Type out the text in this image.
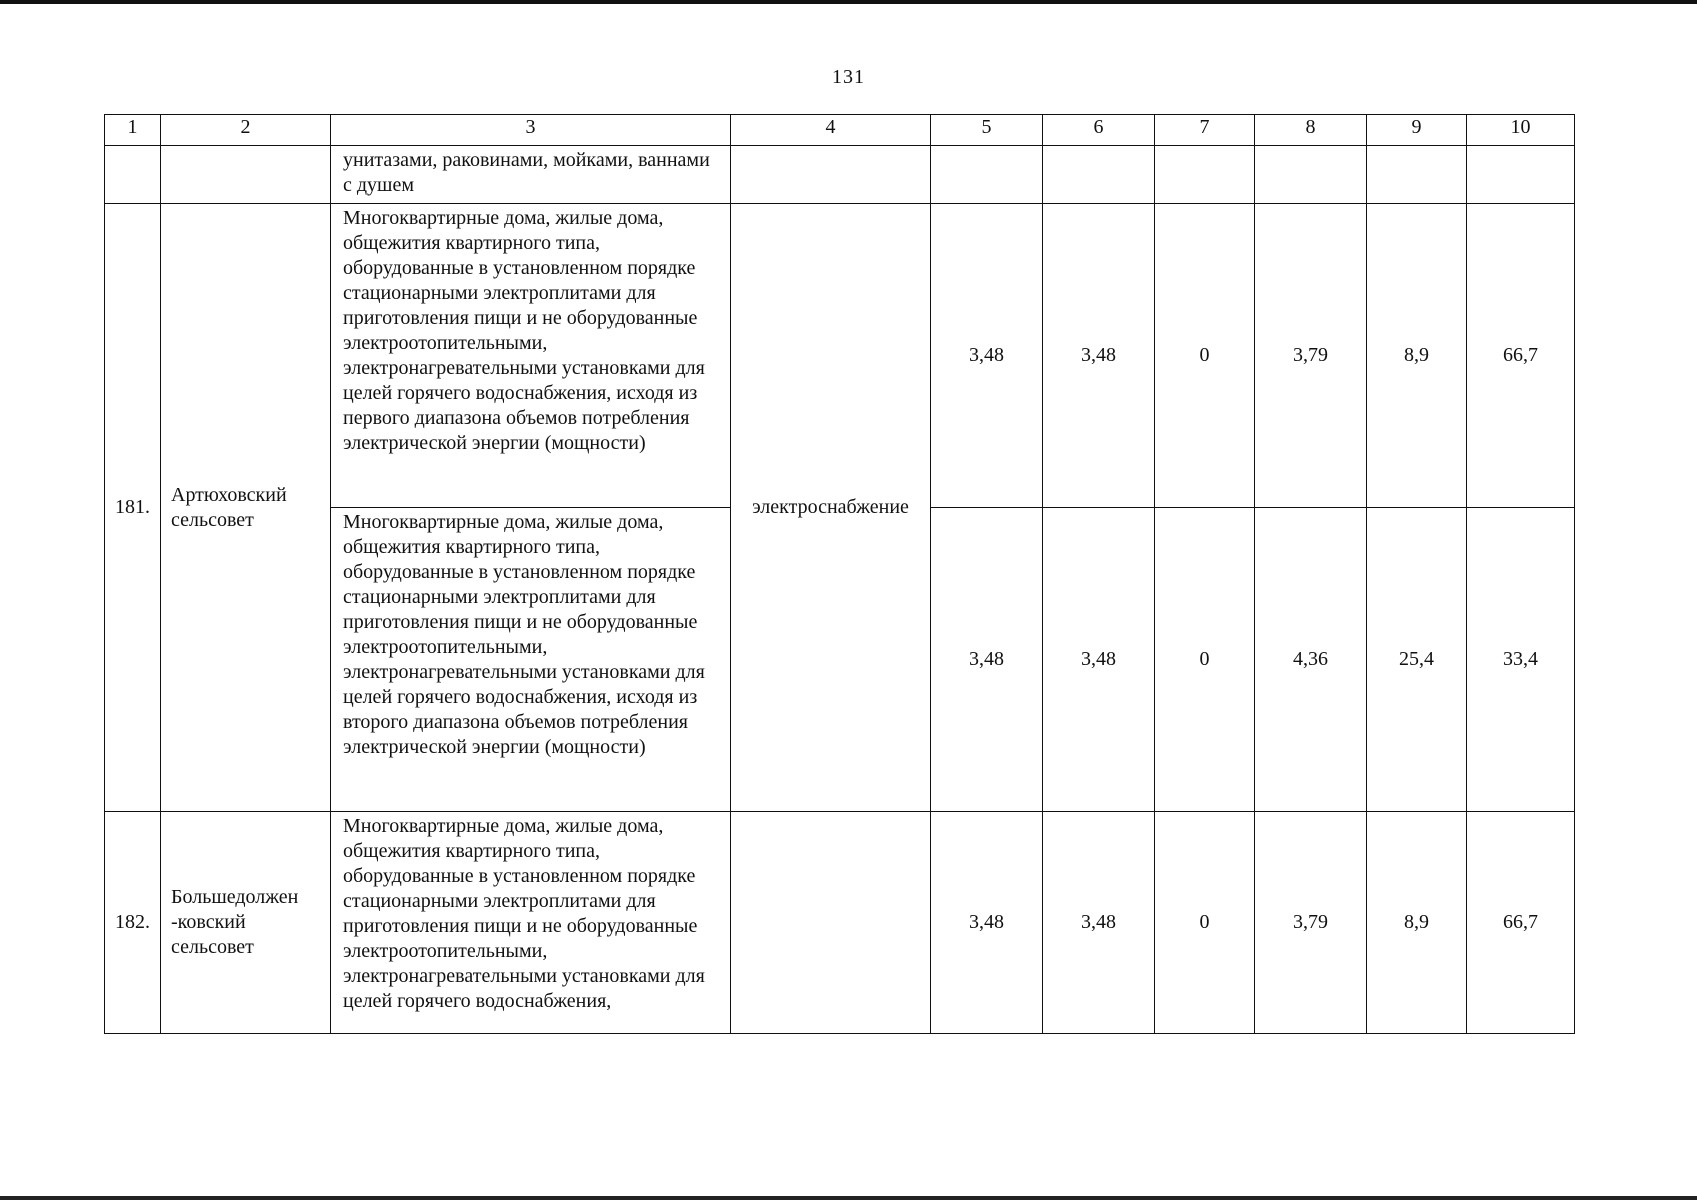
131
1	2	3	4	5	6	7	8	9	10
		унитазами, раковинами, мойками, ваннами с душем							
181.	Артюховский сельсовет	Многоквартирные дома, жилые дома, общежития квартирного типа, оборудованные в установленном порядке стационарными электроплитами для приготовления пищи и не оборудованные электроотопительными, электронагревательными установками для целей горячего водоснабжения, исходя из первого диапазона объемов потребления электрической энергии (мощности)	электроснабжение	3,48	3,48	0	3,79	8,9	66,7
		Многоквартирные дома, жилые дома, общежития квартирного типа, оборудованные в установленном порядке стационарными электроплитами для приготовления пищи и не оборудованные электроотопительными, электронагревательными установками для целей горячего водоснабжения, исходя из второго диапазона объемов потребления электрической энергии (мощности)		3,48	3,48	0	4,36	25,4	33,4
182.	Большедолжен -ковский сельсовет	Многоквартирные дома, жилые дома, общежития квартирного типа, оборудованные в установленном порядке стационарными электроплитами для приготовления пищи и не оборудованные электроотопительными, электронагревательными установками для целей горячего водоснабжения,		3,48	3,48	0	3,79	8,9	66,7
